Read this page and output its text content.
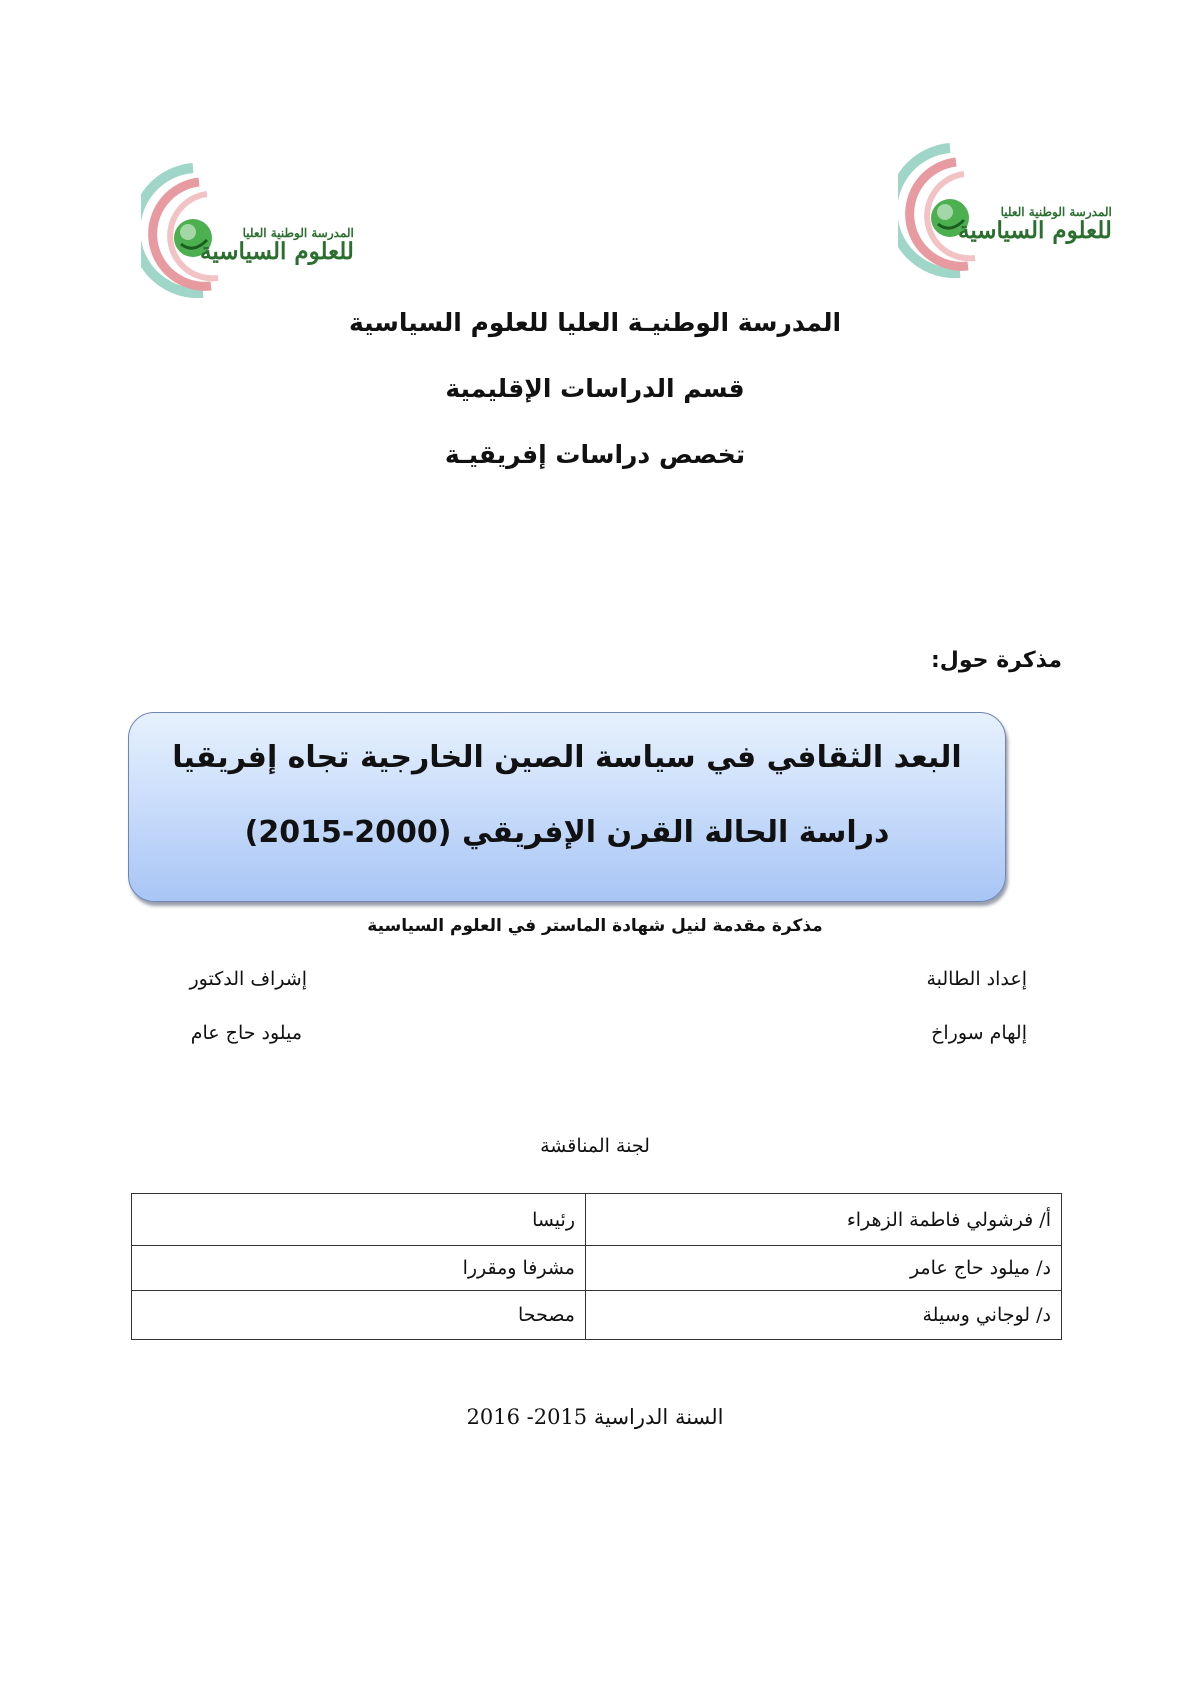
المدرسة الوطنية العليا
للعلوم السياسية
المدرسة الوطنية العليا
للعلوم السياسية
المدرسة الوطنيـة العليا للعلوم السياسية
قسم الدراسات الإقليمية
تخصص دراسات إفريقيـة
مذكرة حول:
البعد الثقافي في سياسة الصين الخارجية تجاه إفريقيا
دراسة الحالة القرن الإفريقي (2000-2015)
مذكرة مقدمة لنيل شهادة الماستر في العلوم السياسية
إعداد الطالبة
إلهام سوراخ
إشراف الدكتور
ميلود حاج عام
لجنة المناقشة
أ/ فرشولي فاطمة الزهراء	رئيسا
د/ ميلود حاج عامر	مشرفا ومقررا
د/ لوجاني وسيلة	مصححا
السنة الدراسية 2015- 2016
